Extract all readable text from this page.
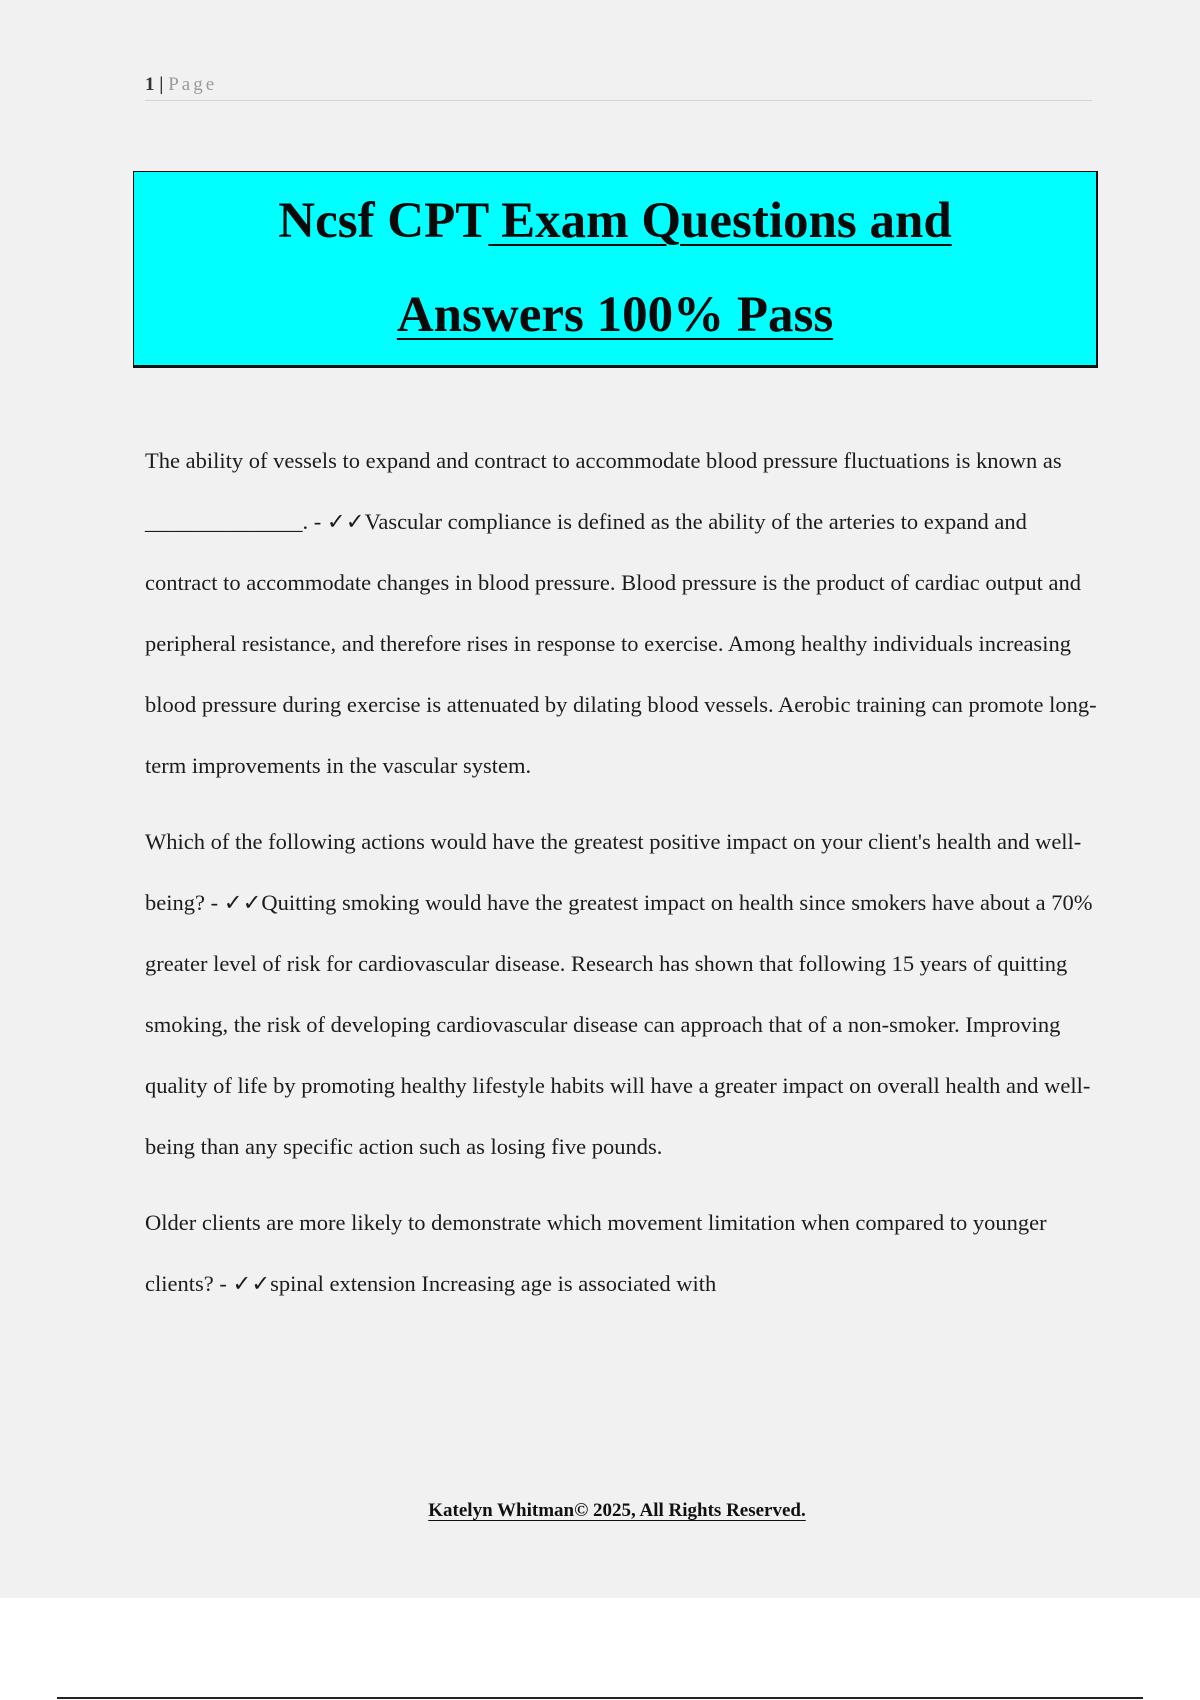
1 | Page
Ncsf CPT Exam Questions and
Answers 100% Pass

The ability of vessels to expand and contract to accommodate blood pressure fluctuations is known as ______________. - ✓✓Vascular compliance is defined as the ability of the arteries to expand and contract to accommodate changes in blood pressure. Blood pressure is the product of cardiac output and peripheral resistance, and therefore rises in response to exercise. Among healthy individuals increasing blood pressure during exercise is attenuated by dilating blood vessels. Aerobic training can promote long-term improvements in the vascular system.

Which of the following actions would have the greatest positive impact on your client's health and well-being? - ✓✓Quitting smoking would have the greatest impact on health since smokers have about a 70% greater level of risk for cardiovascular disease. Research has shown that following 15 years of quitting smoking, the risk of developing cardiovascular disease can approach that of a non-smoker. Improving quality of life by promoting healthy lifestyle habits will have a greater impact on overall health and well-being than any specific action such as losing five pounds.

Older clients are more likely to demonstrate which movement limitation when compared to younger clients? - ✓✓spinal extension Increasing age is associated with

Katelyn Whitman© 2025, All Rights Reserved.
